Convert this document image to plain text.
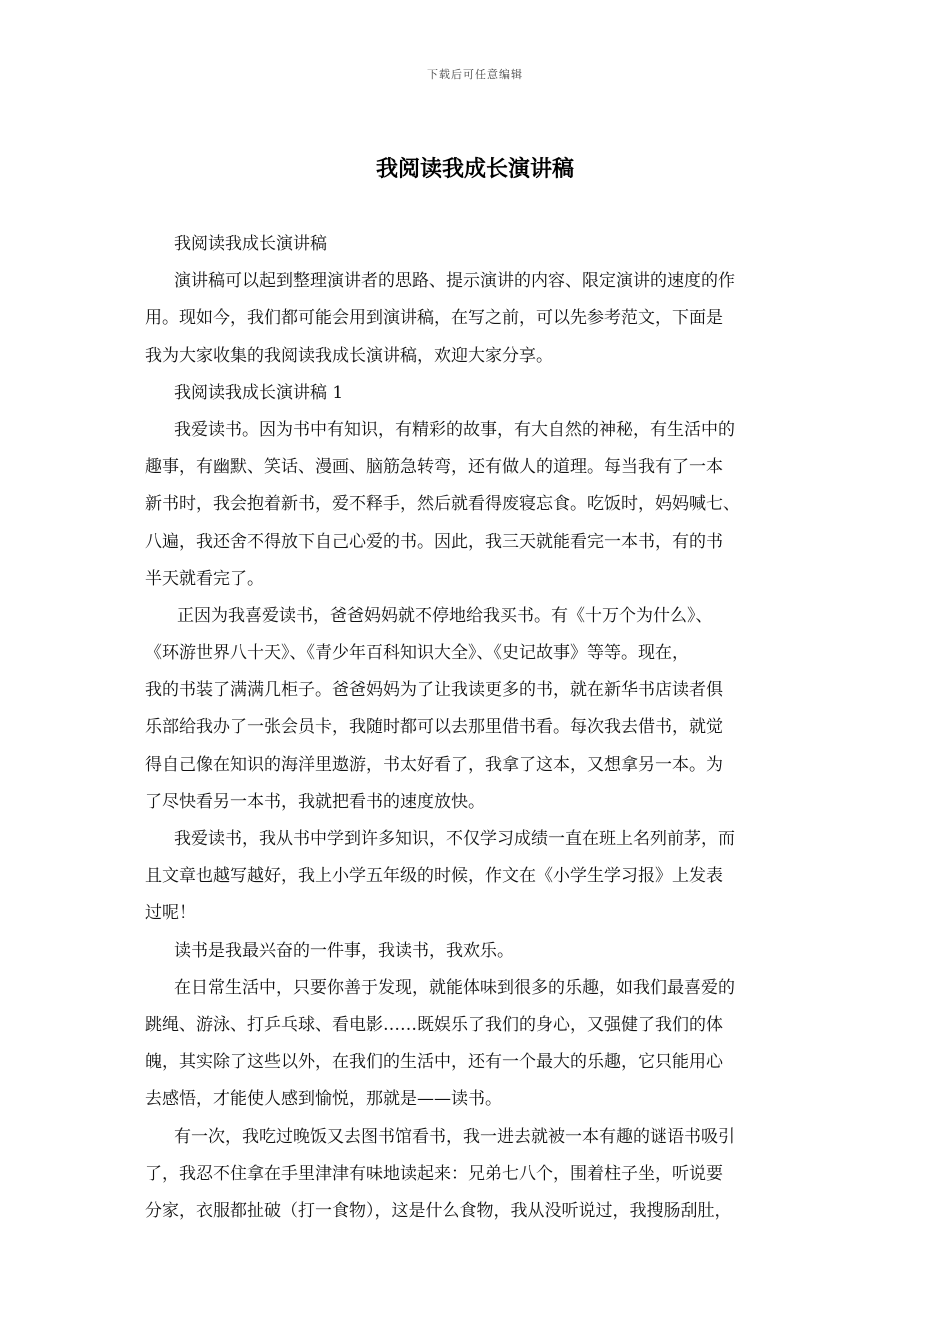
下载后可任意编辑
我阅读我成长演讲稿
我阅读我成长演讲稿
演讲稿可以起到整理演讲者的思路、提示演讲的内容、限定演讲的速度的作
用。现如今，我们都可能会用到演讲稿，在写之前，可以先参考范文，下面是
我为大家收集的我阅读我成长演讲稿，欢迎大家分享。
我阅读我成长演讲稿 1
我爱读书。因为书中有知识，有精彩的故事，有大自然的神秘，有生活中的
趣事，有幽默、笑话、漫画、脑筋急转弯，还有做人的道理。每当我有了一本
新书时，我会抱着新书，爱不释手，然后就看得废寝忘食。吃饭时，妈妈喊七、
八遍，我还舍不得放下自己心爱的书。因此，我三天就能看完一本书，有的书
半天就看完了。
正因为我喜爱读书，爸爸妈妈就不停地给我买书。有《十万个为什么》、
《环游世界八十天》、《青少年百科知识大全》、《史记故事》等等。现在，
我的书装了满满几柜子。爸爸妈妈为了让我读更多的书，就在新华书店读者俱
乐部给我办了一张会员卡，我随时都可以去那里借书看。每次我去借书，就觉
得自己像在知识的海洋里遨游，书太好看了，我拿了这本，又想拿另一本。为
了尽快看另一本书，我就把看书的速度放快。
我爱读书，我从书中学到许多知识，不仅学习成绩一直在班上名列前茅，而
且文章也越写越好，我上小学五年级的时候，作文在《小学生学习报》上发表
过呢！
读书是我最兴奋的一件事，我读书，我欢乐。
在日常生活中，只要你善于发现，就能体味到很多的乐趣，如我们最喜爱的
跳绳、游泳、打乒乓球、看电影……既娱乐了我们的身心，又强健了我们的体
魄，其实除了这些以外，在我们的生活中，还有一个最大的乐趣，它只能用心
去感悟，才能使人感到愉悦，那就是——读书。
有一次，我吃过晚饭又去图书馆看书，我一进去就被一本有趣的谜语书吸引
了，我忍不住拿在手里津津有味地读起来：兄弟七八个，围着柱子坐，听说要
分家，衣服都扯破（打一食物），这是什么食物，我从没听说过，我搜肠刮肚，
